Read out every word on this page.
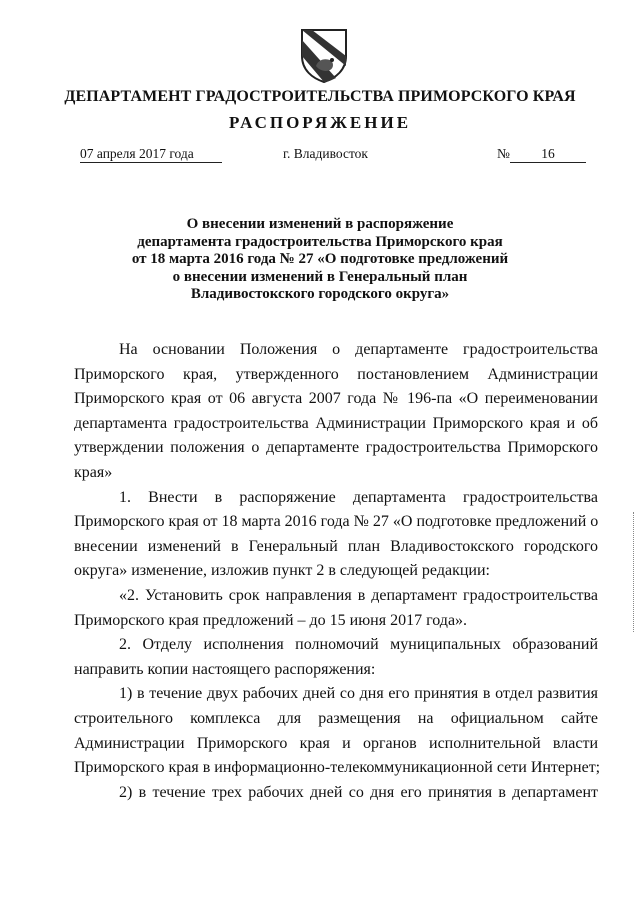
ДЕПАРТАМЕНТ ГРАДОСТРОИТЕЛЬСТВА ПРИМОРСКОГО КРАЯ
РАСПОРЯЖЕНИЕ
07 апреля 2017 года	г. Владивосток	№	16
О внесении изменений в распоряжение
департамента градостроительства Приморского края
от 18 марта 2016 года № 27 «О подготовке предложений
о внесении изменений в Генеральный план
Владивостокского городского округа»
На основании Положения о департаменте градостроительства
Приморского края, утвержденного постановлением Администрации
Приморского края от 06 августа 2007 года № 196-па «О переименовании
департамента градостроительства Администрации Приморского края и об
утверждении положения о департаменте градостроительства Приморского
края»
1. Внести в распоряжение департамента градостроительства
Приморского края от 18 марта 2016 года № 27 «О подготовке предложений о
внесении изменений в Генеральный план Владивостокского городского
округа» изменение, изложив пункт 2 в следующей редакции:
«2. Установить срок направления в департамент градостроительства
Приморского края предложений – до 15 июня 2017 года».
2. Отделу исполнения полномочий муниципальных образований
направить копии настоящего распоряжения:
1) в течение двух рабочих дней со дня его принятия в отдел развития
строительного комплекса для размещения на официальном сайте
Администрации Приморского края и органов исполнительной власти
Приморского края в информационно-телекоммуникационной сети Интернет;
2) в течение трех рабочих дней со дня его принятия в департамент
